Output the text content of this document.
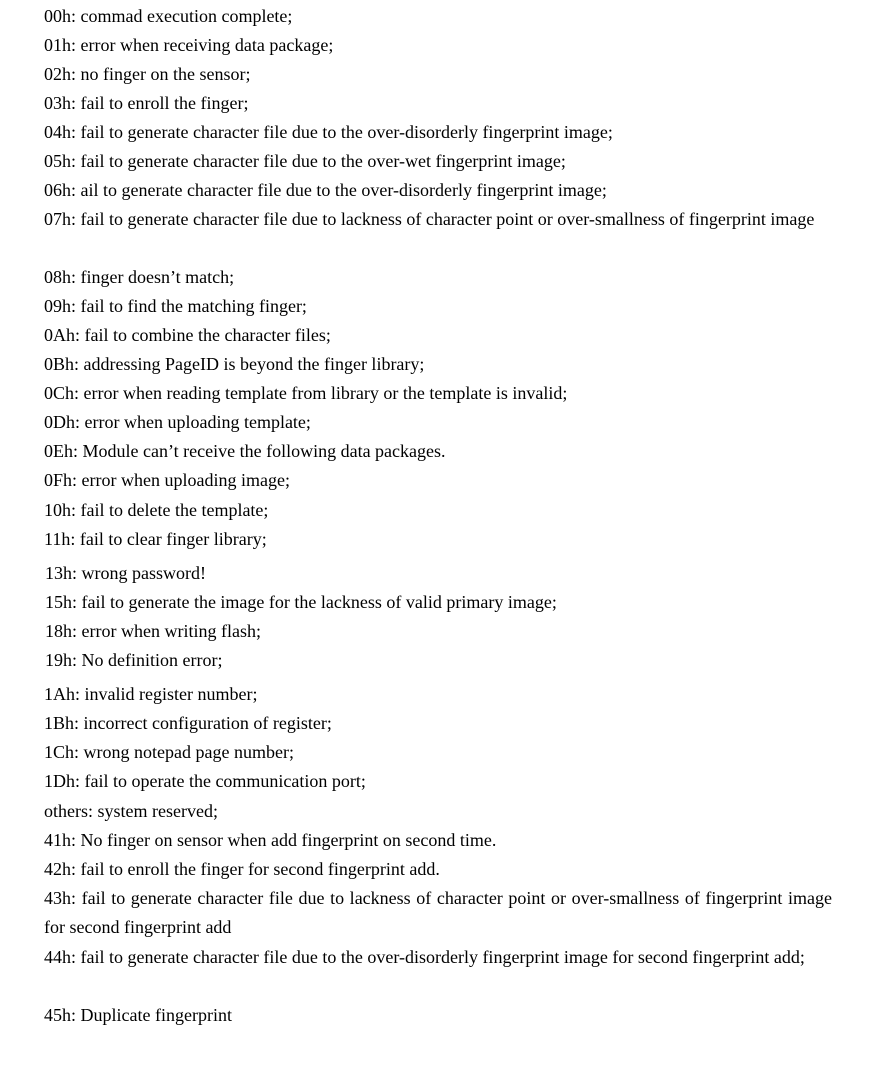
00h: commad execution complete;
01h: error when receiving data package;
02h: no finger on the sensor;
03h: fail to enroll the finger;
04h: fail to generate character file due to the over-disorderly fingerprint image;
05h: fail to generate character file due to the over-wet fingerprint image;
06h: ail to generate character file due to the over-disorderly fingerprint image;
07h: fail to generate character file due to lackness of character point or over-smallness of fingerprint image
08h: finger doesn’t match;
09h: fail to find the matching finger;
0Ah: fail to combine the character files;
0Bh: addressing PageID is beyond the finger library;
0Ch: error when reading template from library or the template is invalid;
0Dh: error when uploading template;
0Eh: Module can’t receive the following data packages.
0Fh: error when uploading image;
10h: fail to delete the template;
11h: fail to clear finger library;
13h: wrong password!
15h: fail to generate the image for the lackness of valid primary image;
18h: error when writing flash;
19h: No definition error;
1Ah: invalid register number;
1Bh: incorrect configuration of register;
1Ch: wrong notepad page number;
1Dh: fail to operate the communication port;
others: system reserved;
41h: No finger on sensor when add fingerprint on second time.
42h: fail to enroll the finger for second fingerprint add.
43h: fail to generate character file due to lackness of character point or over-smallness of fingerprint image for second fingerprint add
44h: fail to generate character file due to the over-disorderly fingerprint image for second fingerprint add;
45h: Duplicate fingerprint
